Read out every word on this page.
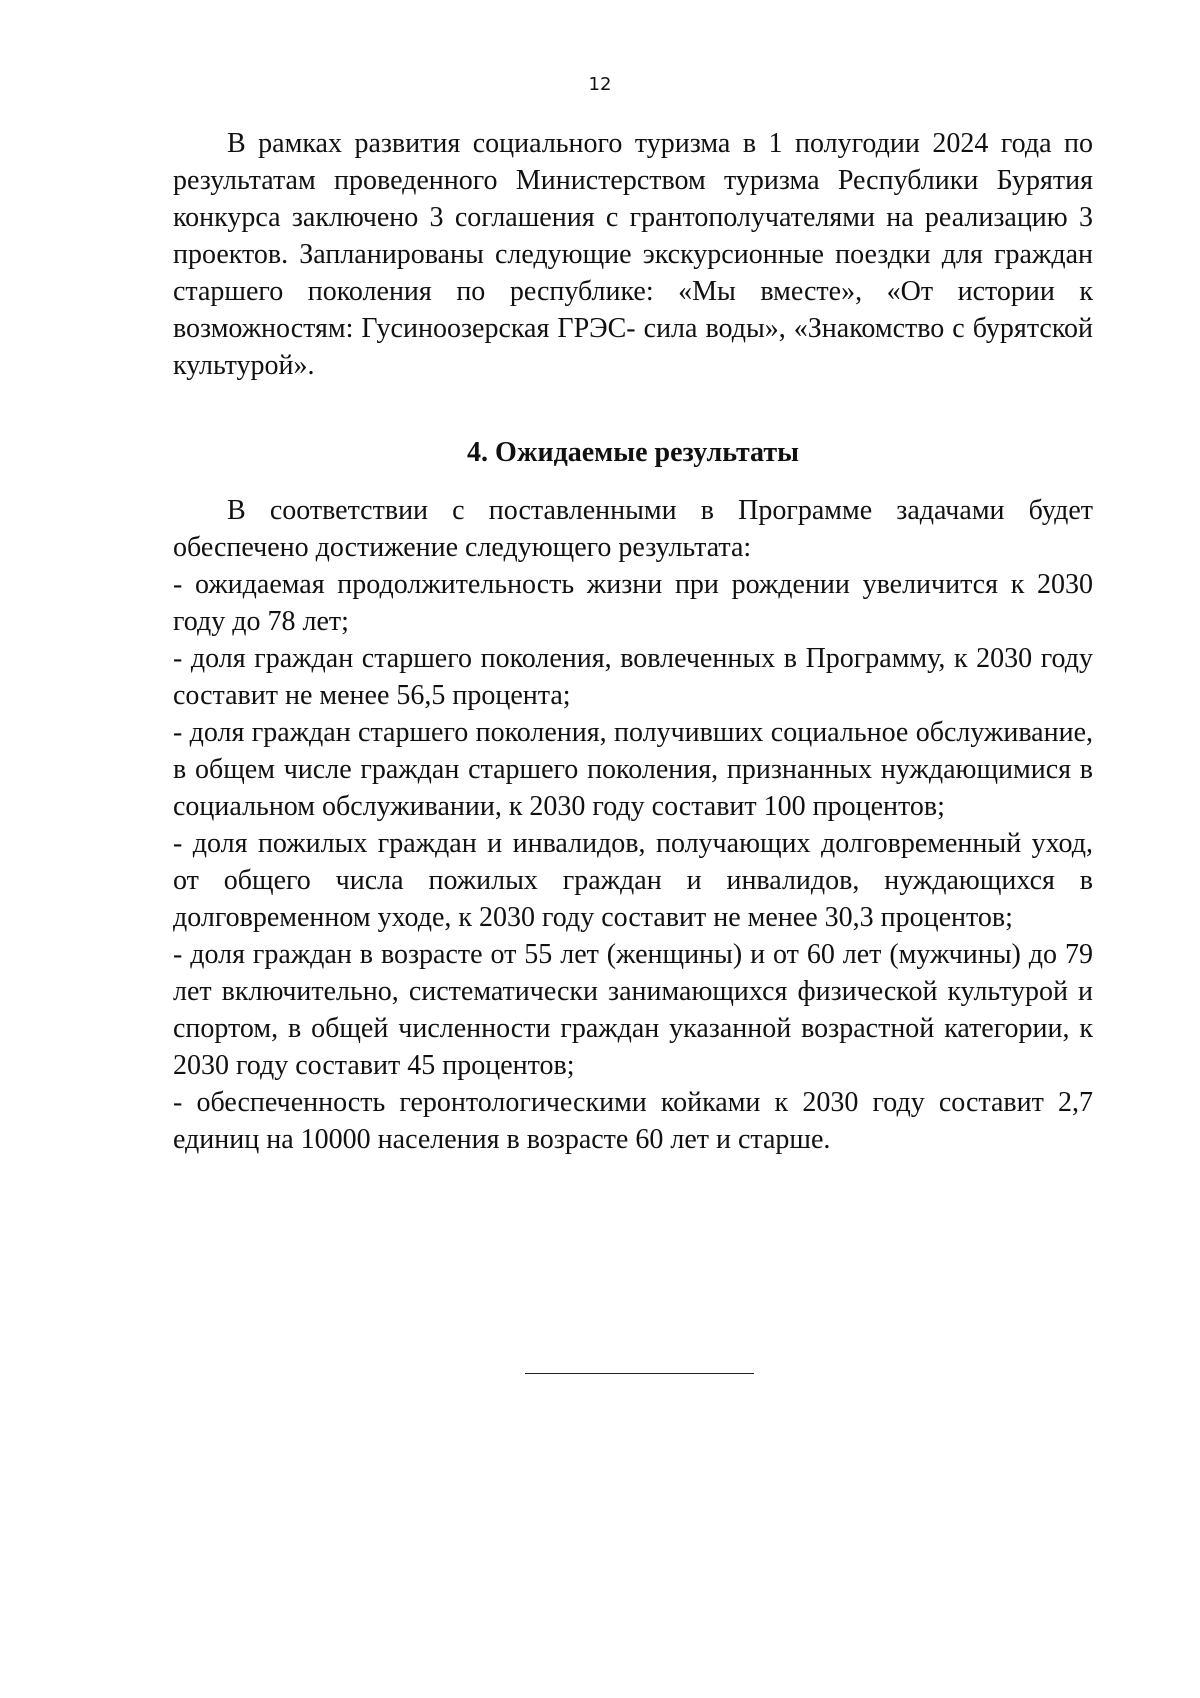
12

В рамках развития социального туризма в 1 полугодии 2024 года по результатам проведенного Министерством туризма Республики Бурятия конкурса заключено 3 соглашения с грантополучателями на реализацию 3 проектов. Запланированы следующие экскурсионные поездки для граждан старшего поколения по республике: «Мы вместе», «От истории к возможностям: Гусиноозерская ГРЭС- сила воды», «Знакомство с бурятской культурой».

4. Ожидаемые результаты

В соответствии с поставленными в Программе задачами будет обеспечено достижение следующего результата:

- ожидаемая продолжительность жизни при рождении увеличится к 2030 году до 78 лет;

- доля граждан старшего поколения, вовлеченных в Программу, к 2030 году составит не менее 56,5 процента;

- доля граждан старшего поколения, получивших социальное обслуживание, в общем числе граждан старшего поколения, признанных нуждающимися в социальном обслуживании, к 2030 году составит 100 процентов;

- доля пожилых граждан и инвалидов, получающих долговременный уход, от общего числа пожилых граждан и инвалидов, нуждающихся в долговременном уходе, к 2030 году составит не менее 30,3 процентов;

- доля граждан в возрасте от 55 лет (женщины) и от 60 лет (мужчины) до 79 лет включительно, систематически занимающихся физической культурой и спортом, в общей численности граждан указанной возрастной категории, к 2030 году составит 45 процентов;

- обеспеченность геронтологическими койками к 2030 году составит 2,7 единиц на 10000 населения в возрасте 60 лет и старше.
